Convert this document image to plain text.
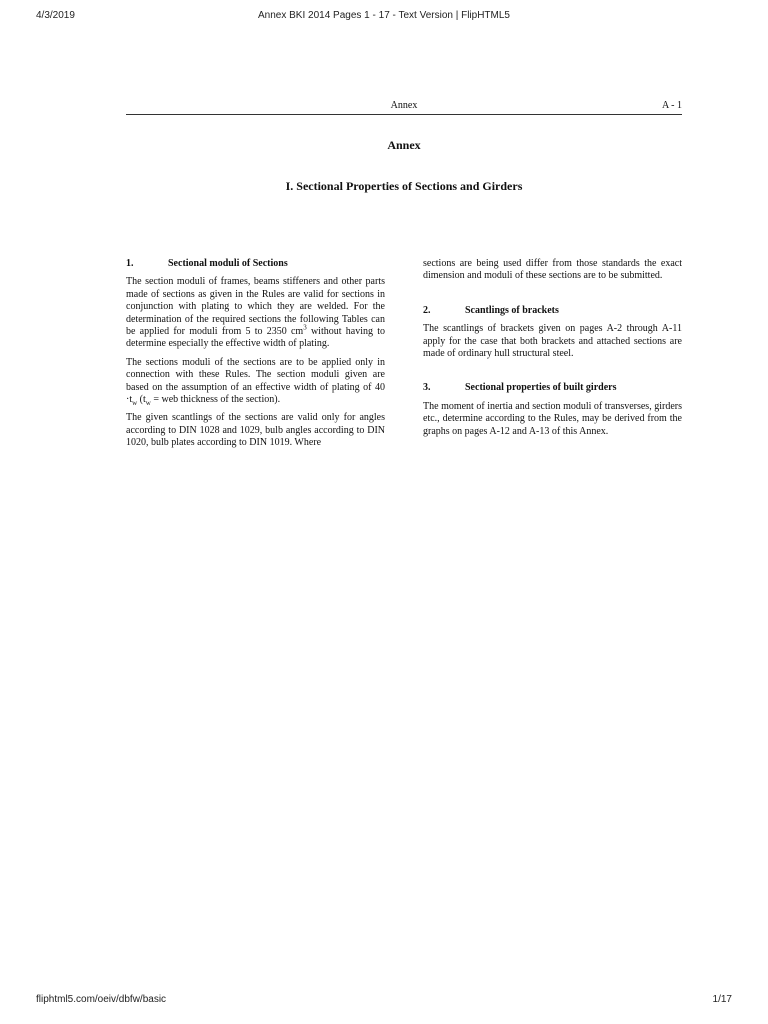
4/3/2019	Annex BKI 2014 Pages 1 - 17 - Text Version | FlipHTML5
Annex	A - 1
Annex
I. Sectional Properties of Sections and Girders
1.	Sectional moduli of Sections

The section moduli of frames, beams stiffeners and other parts made of sections as given in the Rules are valid for sections in conjunction with plating to which they are welded. For the determination of the required sections the following Tables can be applied for moduli from 5 to 2350 $cm^3$ without having to determine especially the effective width of plating.

The sections moduli of the sections are to be applied only in connection with these Rules. The section moduli given are based on the assumption of an effective width of plating of $40 \cdot t_w$ ($t_w$ = web thickness of the section).

The given scantlings of the sections are valid only for angles according to DIN 1028 and 1029, bulb angles according to DIN 1020, bulb plates according to DIN 1019. Where

sections are being used differ from those standards the exact dimension and moduli of these sections are to be submitted.

2.	Scantlings of brackets

The scantlings of brackets given on pages A-2 through A-11 apply for the case that both brackets and attached sections are made of ordinary hull structural steel.

3.	Sectional properties of built girders

The moment of inertia and section moduli of transverses, girders etc., determine according to the Rules, may be derived from the graphs on pages A-12 and A-13 of this Annex.

fliphtml5.com/oeiv/dbfw/basic	1/17
